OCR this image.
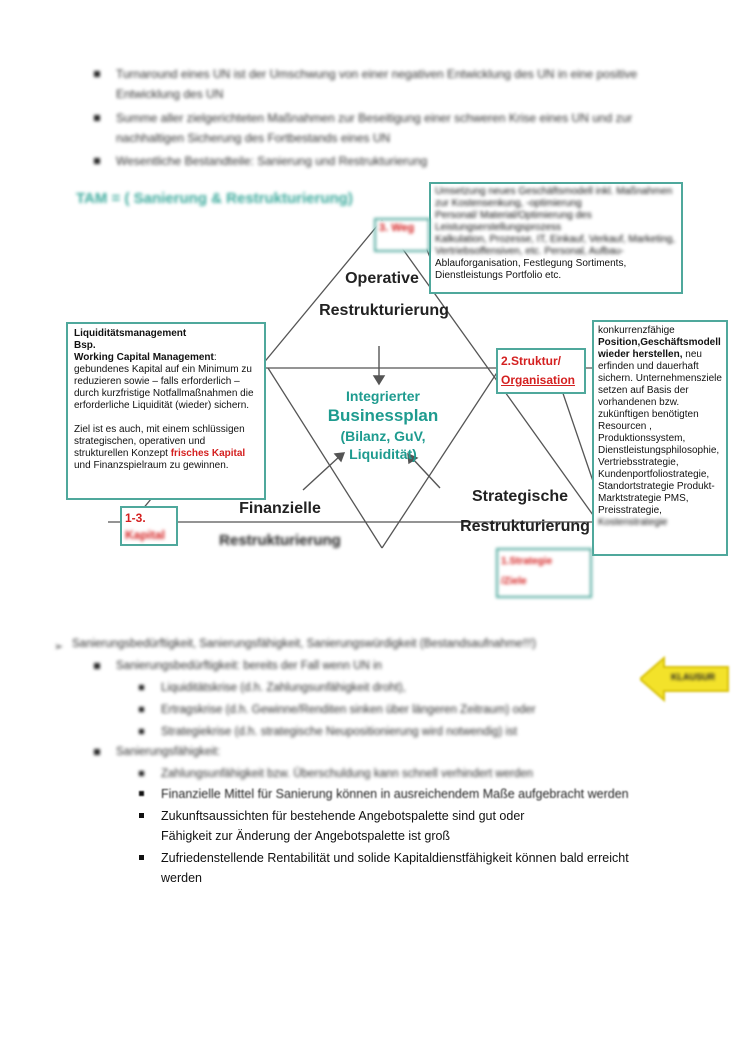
Turnaround eines UN ist der Umschwung von einer negativen Entwicklung des UN in eine positive Entwicklung des UN
Summe aller zielgerichteten Maßnahmen zur Beseitigung einer schweren Krise eines UN und zur nachhaltigen Sicherung des Fortbestands eines UN
Wesentliche Bestandteile: Sanierung und Restrukturierung
TAM = ( Sanierung & Restrukturierung)	Umsetzung neues Geschäftsmodell inkl. Maßnahmen zur Kostensenkung, -optimierung
Personal/ Material/Optimierung des Leistungserstellungsprozess
Kalkulation, Prozesse, IT, Einkauf, Verkauf, Marketing,
Vertriebsoffensiven, etc. Personal, Aufbau-
Ablauforganisation, Festlegung Sortiments,
Dienstleistungs Portfolio etc.
3. Weg
Operative
Restrukturierung
Liquiditätsmanagement
Bsp.
Working Capital Management: gebundenes Kapital auf ein Minimum zu reduzieren sowie – falls erforderlich – durch kurzfristige Notfallmaßnahmen die erforderliche Liquidität (wieder) sichern.
Ziel ist es auch, mit einem schlüssigen strategischen, operativen und strukturellen Konzept frisches Kapital und Finanzspielraum zu gewinnen.
2.Struktur/
Organisation
konkurrenzfähige
Position,Geschäftsmodell wieder herstellen, neu erfinden und dauerhaft sichern. Unternehmensziele setzen auf Basis der vorhandenen bzw. zukünftigen benötigten Resourcen , Produktionssystem, Dienstleistungsphilosophie, Vertriebsstrategie, Kundenportfoliostrategie, Standortstrategie Produkt-Marktstrategie PMS, Preisstrategie,
Kostenstrategie
Integrierter
Businessplan
(Bilanz, GuV,
Liquidität)
Finanzielle
Restrukturierung
Strategische
Restrukturierung
1-3.
Kapital
1.Strategie
/Ziele
➢ Sanierungsbedürftigkeit, Sanierungsfähigkeit, Sanierungswürdigkeit (Bestandsaufnahme!!!)
Sanierungsbedürftigkeit: bereits der Fall wenn UN in
Liquiditätskrise (d.h. Zahlungsunfähigkeit droht),
Ertragskrise (d.h. Gewinne/Renditen sinken über längeren Zeitraum) oder
Strategiekrise (d.h. strategische Neupositionierung wird notwendig) ist
Sanierungsfähigkeit:
Zahlungsunfähigkeit bzw. Überschuldung kann schnell verhindert werden
Finanzielle Mittel für Sanierung können in ausreichendem Maße aufgebracht werden
Zukunftsaussichten für bestehende Angebotspalette sind gut oder
Fähigkeit zur Änderung der Angebotspalette ist groß
Zufriedenstellende Rentabilität und solide Kapitaldienstfähigkeit können bald erreicht
werden
KLAUSUR
